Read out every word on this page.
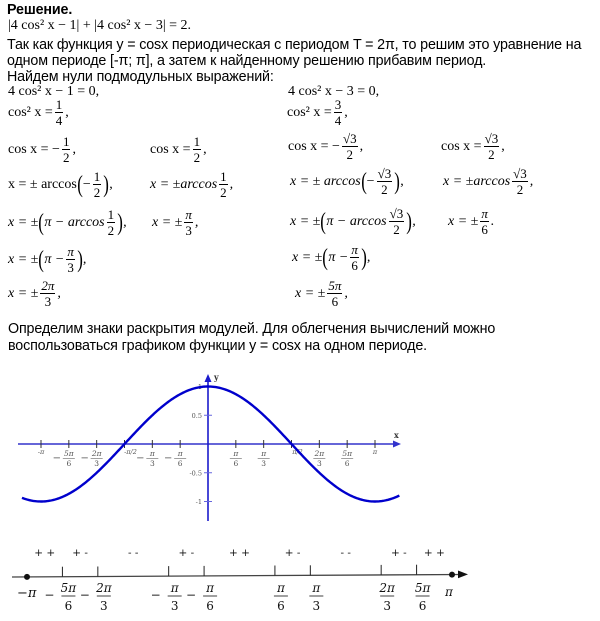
Решение.
|4 cos² x − 1| + |4 cos² x − 3| = 2.
Так как функция y = cosx периодическая с периодом T = 2π, то решим это уравнение на
одном периоде [-π; π], а затем к найденному решению прибавим период.
Найдем нули подмодульных выражений:
4 cos² x − 1 = 0,
cos² $x = \frac{1}{4}$ ,
cos x = − $\frac{1}{2}$ ,	$\cos x = \frac{1}{2}$ ,
x = ± arccos ( − $\frac{1}{2}$ ) ,	$x = \pm\arccos \frac{1}{2}$ ,
x = ± ( $\pi - \arccos \frac{1}{2}$ ) , x = ± $\frac{\pi}{3}$ ,
x = ± ( $\pi - \frac{\pi}{3}$ ) ,
x = ± $\frac{2\pi}{3}$ ,
4 cos² x − 3 = 0,
cos² $x = \frac{3}{4}$ ,
cos x = − $\frac{√3}{2}$ ,	$\cos x = \frac{√3}{2}$ ,
x = ± arccos ( − $\frac{√3}{2}$ ) ,	$x = \pm\arccos \frac{√3}{2}$ ,
x = ± ( $\pi - \arccos \frac{√3}{2}$ ) , x = ± $\frac{\pi}{6}$ .
x = ± ( $\pi - \frac{\pi}{6}$ ) ,
x = ± $\frac{5\pi}{6}$ ,
Определим знаки раскрытия модулей. Для облегчения вычислений можно
воспользоваться графиком функции y = cosx на одном периоде.
x
y
1
0.5
-0.5
-1
-π
− 5π
6 − 2π
3
-π/2
− π
3 − π
6
π
6
π
3
π/2 2π
3
5π
6
π
−π	π
− 5π
6
− 2π
3
− π
3
− π
6
π
6
π
3
2π
3
5π
6
+ + + -	- -	+ -	+ +	+ -	- -	+ - + +
